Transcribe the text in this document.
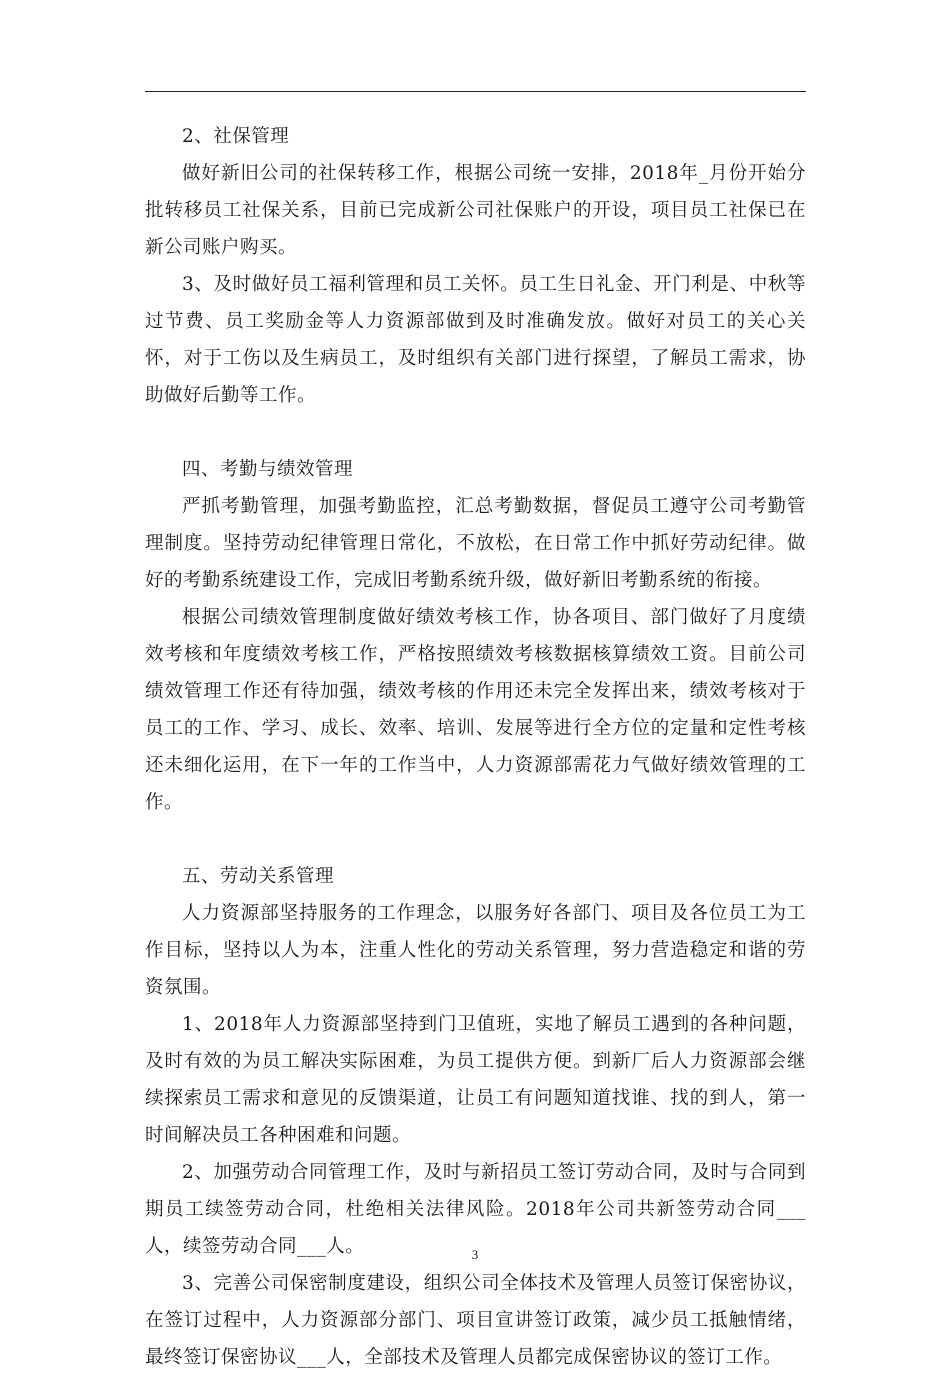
2、社保管理

做好新旧公司的社保转移工作，根据公司统一安排，2018年_月份开始分批转移员工社保关系，目前已完成新公司社保账户的开设，项目员工社保已在新公司账户购买。

3、及时做好员工福利管理和员工关怀。员工生日礼金、开门利是、中秋等过节费、员工奖励金等人力资源部做到及时准确发放。做好对员工的关心关怀，对于工伤以及生病员工，及时组织有关部门进行探望，了解员工需求，协助做好后勤等工作。

四、考勤与绩效管理

严抓考勤管理，加强考勤监控，汇总考勤数据，督促员工遵守公司考勤管理制度。坚持劳动纪律管理日常化，不放松，在日常工作中抓好劳动纪律。做好的考勤系统建设工作，完成旧考勤系统升级，做好新旧考勤系统的衔接。

根据公司绩效管理制度做好绩效考核工作，协各项目、部门做好了月度绩效考核和年度绩效考核工作，严格按照绩效考核数据核算绩效工资。目前公司绩效管理工作还有待加强，绩效考核的作用还未完全发挥出来，绩效考核对于员工的工作、学习、成长、效率、培训、发展等进行全方位的定量和定性考核还未细化运用，在下一年的工作当中，人力资源部需花力气做好绩效管理的工作。

五、劳动关系管理

人力资源部坚持服务的工作理念，以服务好各部门、项目及各位员工为工作目标，坚持以人为本，注重人性化的劳动关系管理，努力营造稳定和谐的劳资氛围。

1、2018年人力资源部坚持到门卫值班，实地了解员工遇到的各种问题，及时有效的为员工解决实际困难，为员工提供方便。到新厂后人力资源部会继续探索员工需求和意见的反馈渠道，让员工有问题知道找谁、找的到人，第一时间解决员工各种困难和问题。

2、加强劳动合同管理工作，及时与新招员工签订劳动合同，及时与合同到期员工续签劳动合同，杜绝相关法律风险。2018年公司共新签劳动合同___人，续签劳动合同___人。

3、完善公司保密制度建设，组织公司全体技术及管理人员签订保密协议，在签订过程中，人力资源部分部门、项目宣讲签订政策，减少员工抵触情绪，最终签订保密协议___人，全部技术及管理人员都完成保密协议的签订工作。

3
